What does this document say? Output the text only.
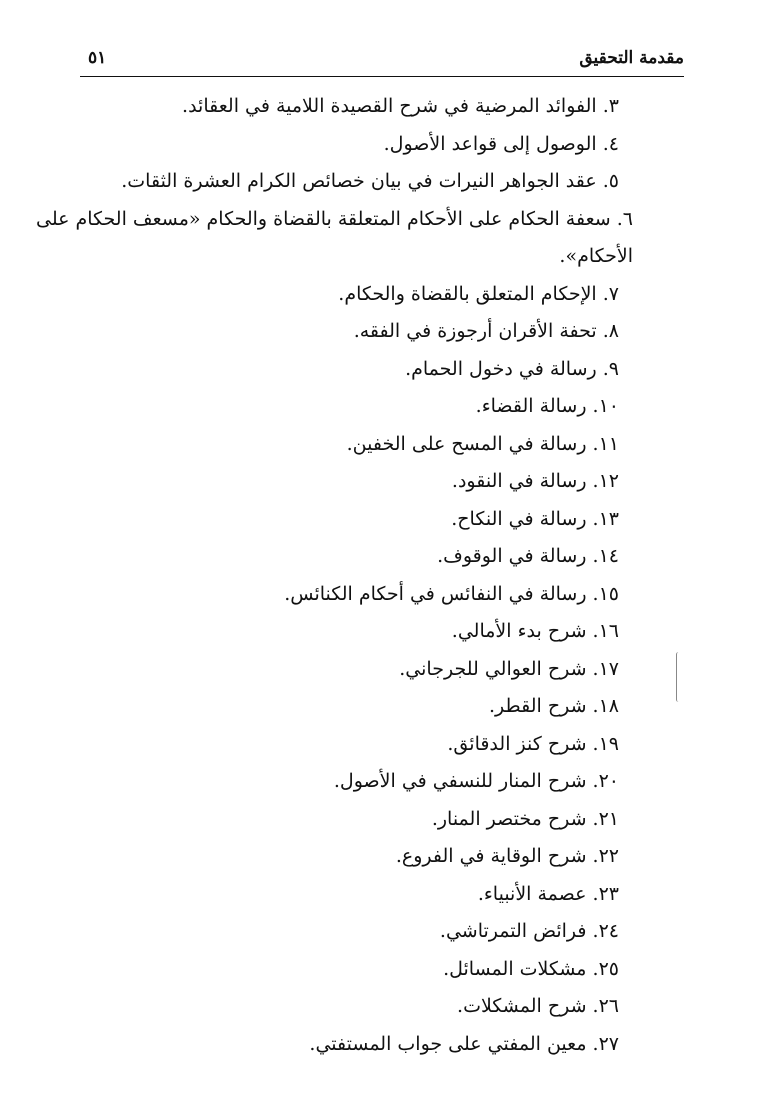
مقدمة التحقيق
٥١
٣. الفوائد المرضية في شرح القصيدة اللامية في العقائد.
٤. الوصول إلى قواعد الأصول.
٥. عقد الجواهر النيرات في بيان خصائص الكرام العشرة الثقات.
٦. سعفة الحكام على الأحكام المتعلقة بالقضاة والحكام «مسعف الحكام على الأحكام».
٧. الإحكام المتعلق بالقضاة والحكام.
٨. تحفة الأقران أرجوزة في الفقه.
٩. رسالة في دخول الحمام.
١٠. رسالة القضاء.
١١. رسالة في المسح على الخفين.
١٢. رسالة في النقود.
١٣. رسالة في النكاح.
١٤. رسالة في الوقوف.
١٥. رسالة في النفائس في أحكام الكنائس.
١٦. شرح بدء الأمالي.
١٧. شرح العوالي للجرجاني.
١٨. شرح القطر.
١٩. شرح كنز الدقائق.
٢٠. شرح المنار للنسفي في الأصول.
٢١. شرح مختصر المنار.
٢٢. شرح الوقاية في الفروع.
٢٣. عصمة الأنبياء.
٢٤. فرائض التمرتاشي.
٢٥. مشكلات المسائل.
٢٦. شرح المشكلات.
٢٧. معين المفتي على جواب المستفتي.
